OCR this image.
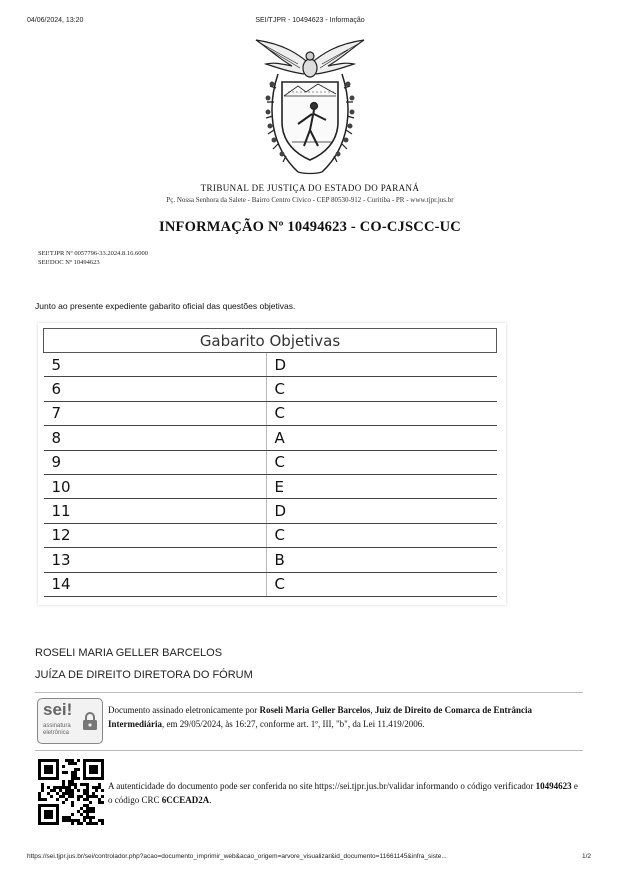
04/06/2024, 13:20	SEI/TJPR - 10494623 - Informação
TRIBUNAL DE JUSTIÇA DO ESTADO DO PARANÁ
Pç. Nossa Senhora da Salete - Bairro Centro Cívico - CEP 80530-912 - Curitiba - PR - www.tjpr.jus.br
INFORMAÇÃO Nº 10494623 - CO-CJSCC-UC
SEI!TJPR Nº 0057796-33.2024.8.16.6000
SEI!DOC Nº 10494623
Junto ao presente expediente gabarito oficial das questões objetivas.
Gabarito Objetivas	
5	D
6	C
7	C
8	A
9	C
10	E
11	D
12	C
13	B
14	C
ROSELI MARIA GELLER BARCELOS
JUÍZA DE DIREITO DIRETORA DO FÓRUM
sei!
assinatura
eletrônica
Documento assinado eletronicamente por Roseli Maria Geller Barcelos, Juiz de Direito de Comarca de Entrância Intermediária, em 29/05/2024, às 16:27, conforme art. 1º, III, "b", da Lei 11.419/2006.
A autenticidade do documento pode ser conferida no site https://sei.tjpr.jus.br/validar informando o código verificador 10494623 e o código CRC 6CCEAD2A.
https://sei.tjpr.jus.br/sei/controlador.php?acao=documento_imprimir_web&acao_origem=arvore_visualizar&id_documento=11661145&infra_siste...	1/2
